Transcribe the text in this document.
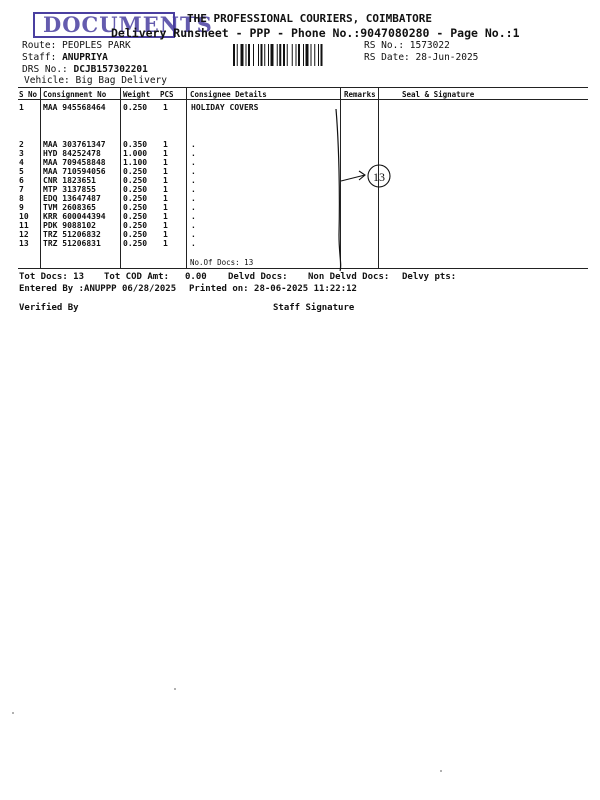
DOCUMENTS
THE PROFESSIONAL COURIERS, COIMBATORE
Delivery Runsheet - PPP - Phone No.:9047080280 - Page No.:1
Route: PEOPLES PARK
Staff: ANUPRIYA
DRS No.: DCJB157302201
Vehicle: Big Bag Delivery
RS No.: 1573022
RS Date: 28-Jun-2025
S No Consignment No Weight PCS Consignee Details	Remarks	Seal & Signature
1 MAA 945568464 0.250 1	HOLIDAY COVERS
2 MAA 303761347 0.350 1	.
3 HYD 84252478	1.000 1	.
4 MAA 709458848 1.100 1	.
5 MAA 710594056 0.250 1	.
6 CNR 1823651	0.250 1	.
7 MTP 3137855	0.250 1	.
8 EDQ 13647487	0.250 1	.
9 TVM 2608365	0.250 1	.
10 KRR 600044394 0.250 1	.
11 PDK 9088102	0.250 1	.
12 TRZ 51206832	0.250 1	.
13 TRZ 51206831	0.250 1	.
No.Of Docs: 13
13
Tot Docs: 13 Tot COD Amt: 0.00 Delvd Docs: Non Delvd Docs: Delvy pts:
Entered By :ANUPPP 06/28/2025 Printed on: 28-06-2025 11:22:12
Verified By	Staff Signature
